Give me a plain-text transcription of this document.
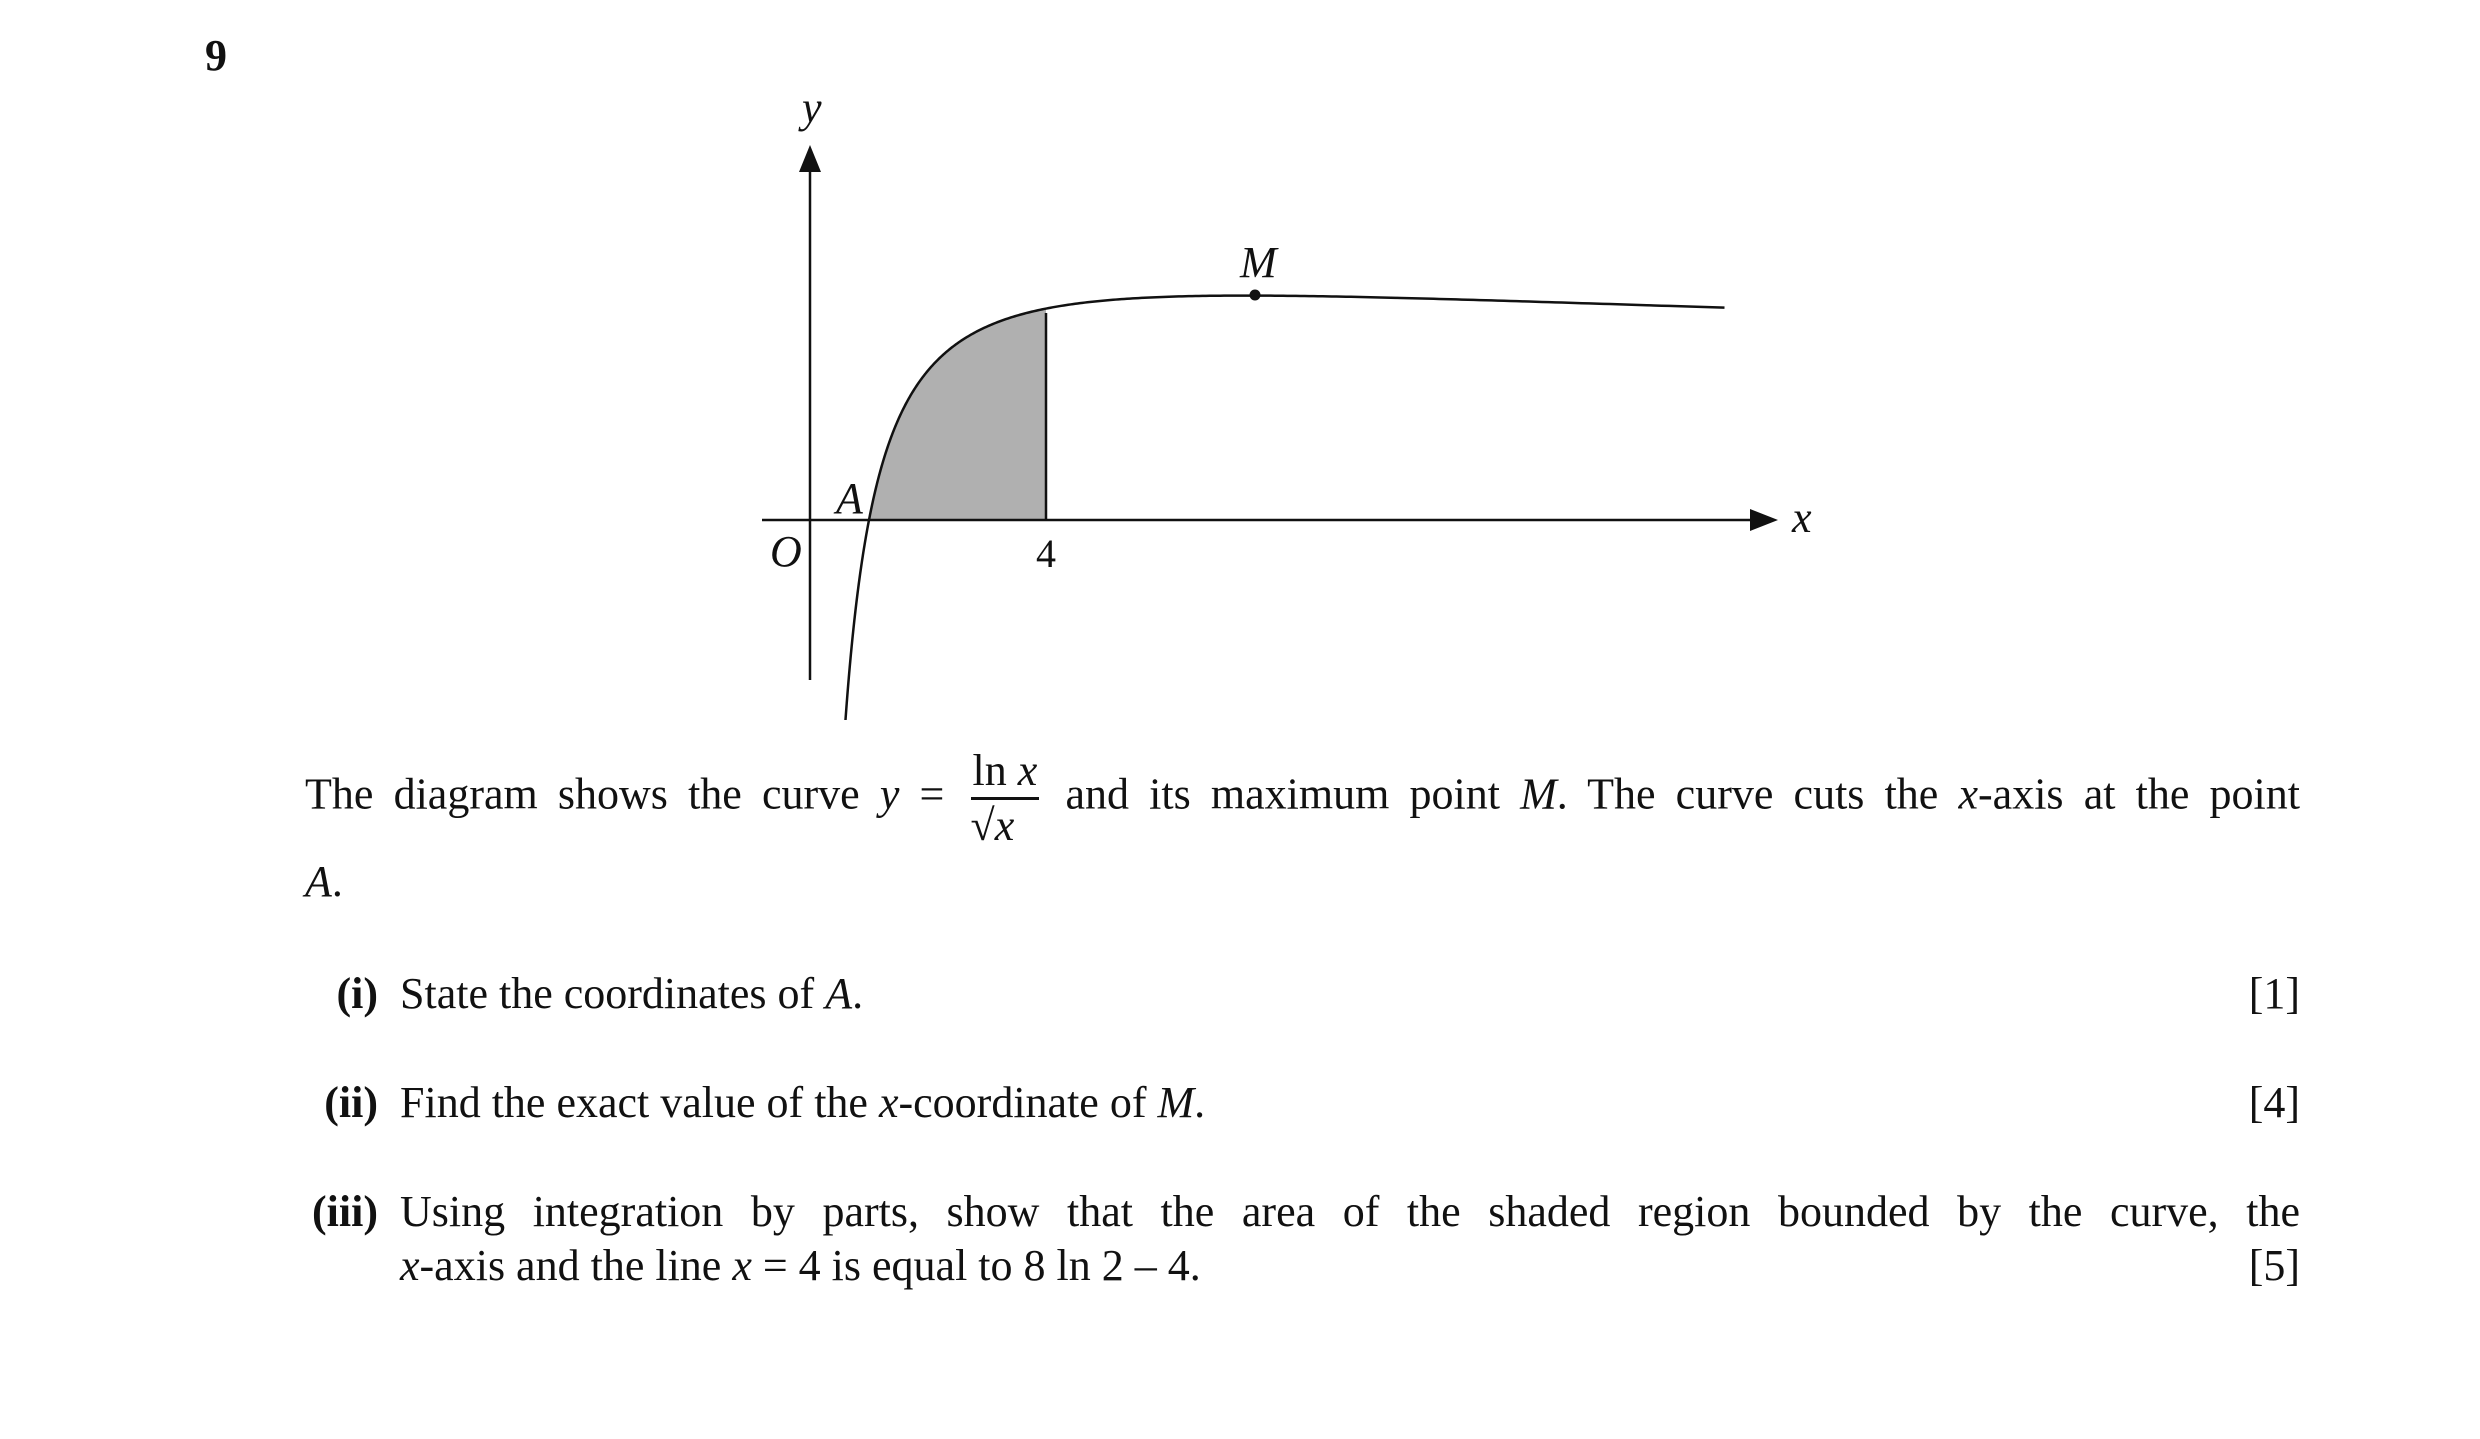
9
y
x
O
A
M
4
The diagram shows the curve $y = \frac{\text{ln x}}{√x}$ and its maximum point M. The curve cuts the x-axis at the point
A.
(i) State the coordinates of A.	[1]
(ii) Find the exact value of the x-coordinate of M.	[4]
(iii) Using integration by parts, show that the area of the shaded region bounded by the curve, the
x-axis and the line x = 4 is equal to 8 ln 2 – 4.	[5]
